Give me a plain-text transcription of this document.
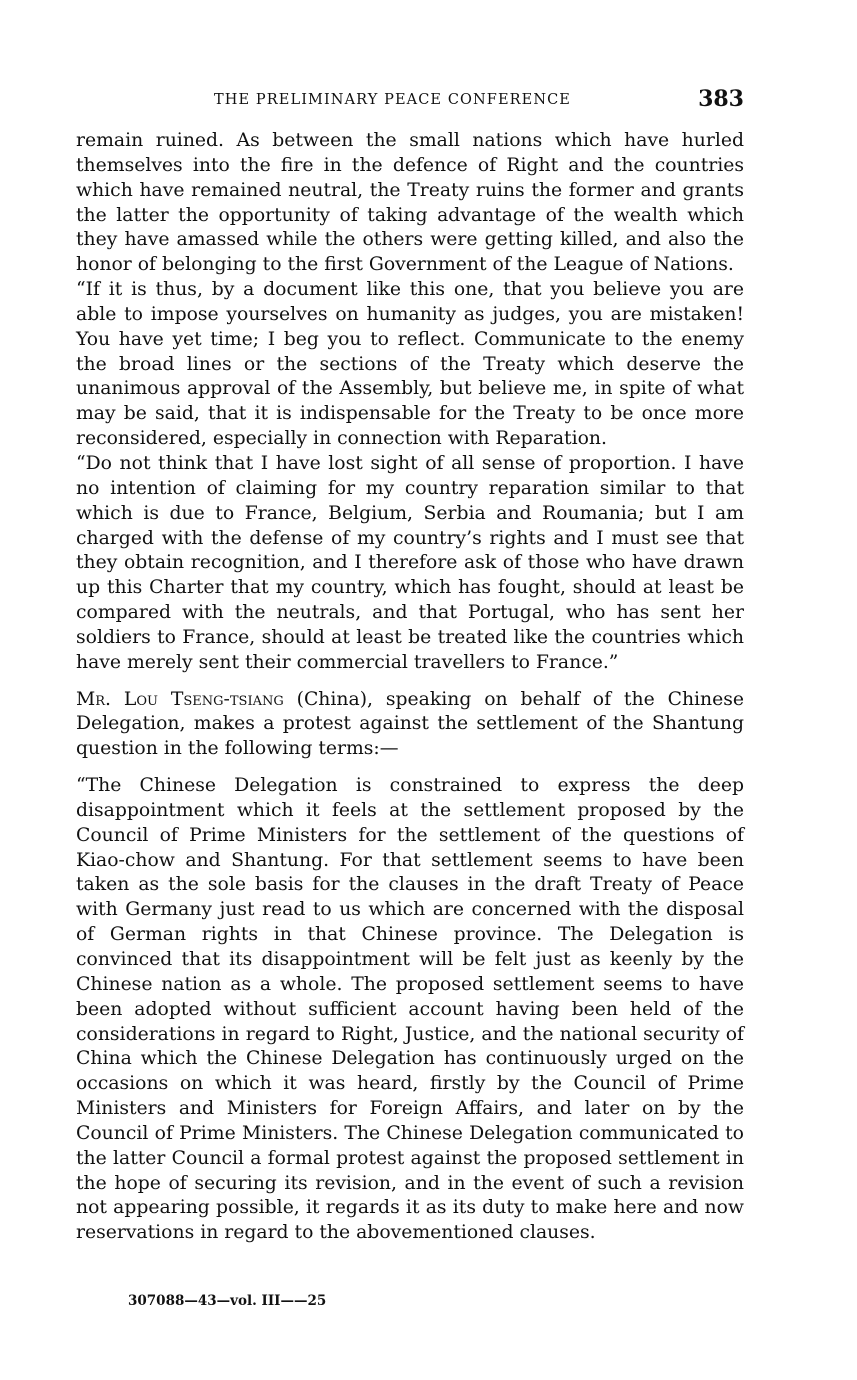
THE PRELIMINARY PEACE CONFERENCE	383

remain ruined. As between the small nations which have hurled themselves into the fire in the defence of Right and the countries which have remained neutral, the Treaty ruins the former and grants the latter the opportunity of taking advantage of the wealth which they have amassed while the others were getting killed, and also the honor of belonging to the first Government of the League of Nations.

“If it is thus, by a document like this one, that you believe you are able to impose yourselves on humanity as judges, you are mistaken! You have yet time; I beg you to reflect. Communicate to the enemy the broad lines or the sections of the Treaty which deserve the unanimous approval of the Assembly, but believe me, in spite of what may be said, that it is indispensable for the Treaty to be once more reconsidered, especially in connection with Reparation.

“Do not think that I have lost sight of all sense of proportion. I have no intention of claiming for my country reparation similar to that which is due to France, Belgium, Serbia and Roumania; but I am charged with the defense of my country’s rights and I must see that they obtain recognition, and I therefore ask of those who have drawn up this Charter that my country, which has fought, should at least be compared with the neutrals, and that Portugal, who has sent her soldiers to France, should at least be treated like the countries which have merely sent their commercial travellers to France.”

Mr. Lou Tseng-tsiang (China), speaking on behalf of the Chinese Delegation, makes a protest against the settlement of the Shantung question in the following terms:—

“The Chinese Delegation is constrained to express the deep disappointment which it feels at the settlement proposed by the Council of Prime Ministers for the settlement of the questions of Kiao-chow and Shantung. For that settlement seems to have been taken as the sole basis for the clauses in the draft Treaty of Peace with Germany just read to us which are concerned with the disposal of German rights in that Chinese province. The Delegation is convinced that its disappointment will be felt just as keenly by the Chinese nation as a whole. The proposed settlement seems to have been adopted without sufficient account having been held of the considerations in regard to Right, Justice, and the national security of China which the Chinese Delegation has continuously urged on the occasions on which it was heard, firstly by the Council of Prime Ministers and Ministers for Foreign Affairs, and later on by the Council of Prime Ministers. The Chinese Delegation communicated to the latter Council a formal protest against the proposed settlement in the hope of securing its revision, and in the event of such a revision not appearing possible, it regards it as its duty to make here and now reservations in regard to the abovementioned clauses.

307088—43—vol. III——25
